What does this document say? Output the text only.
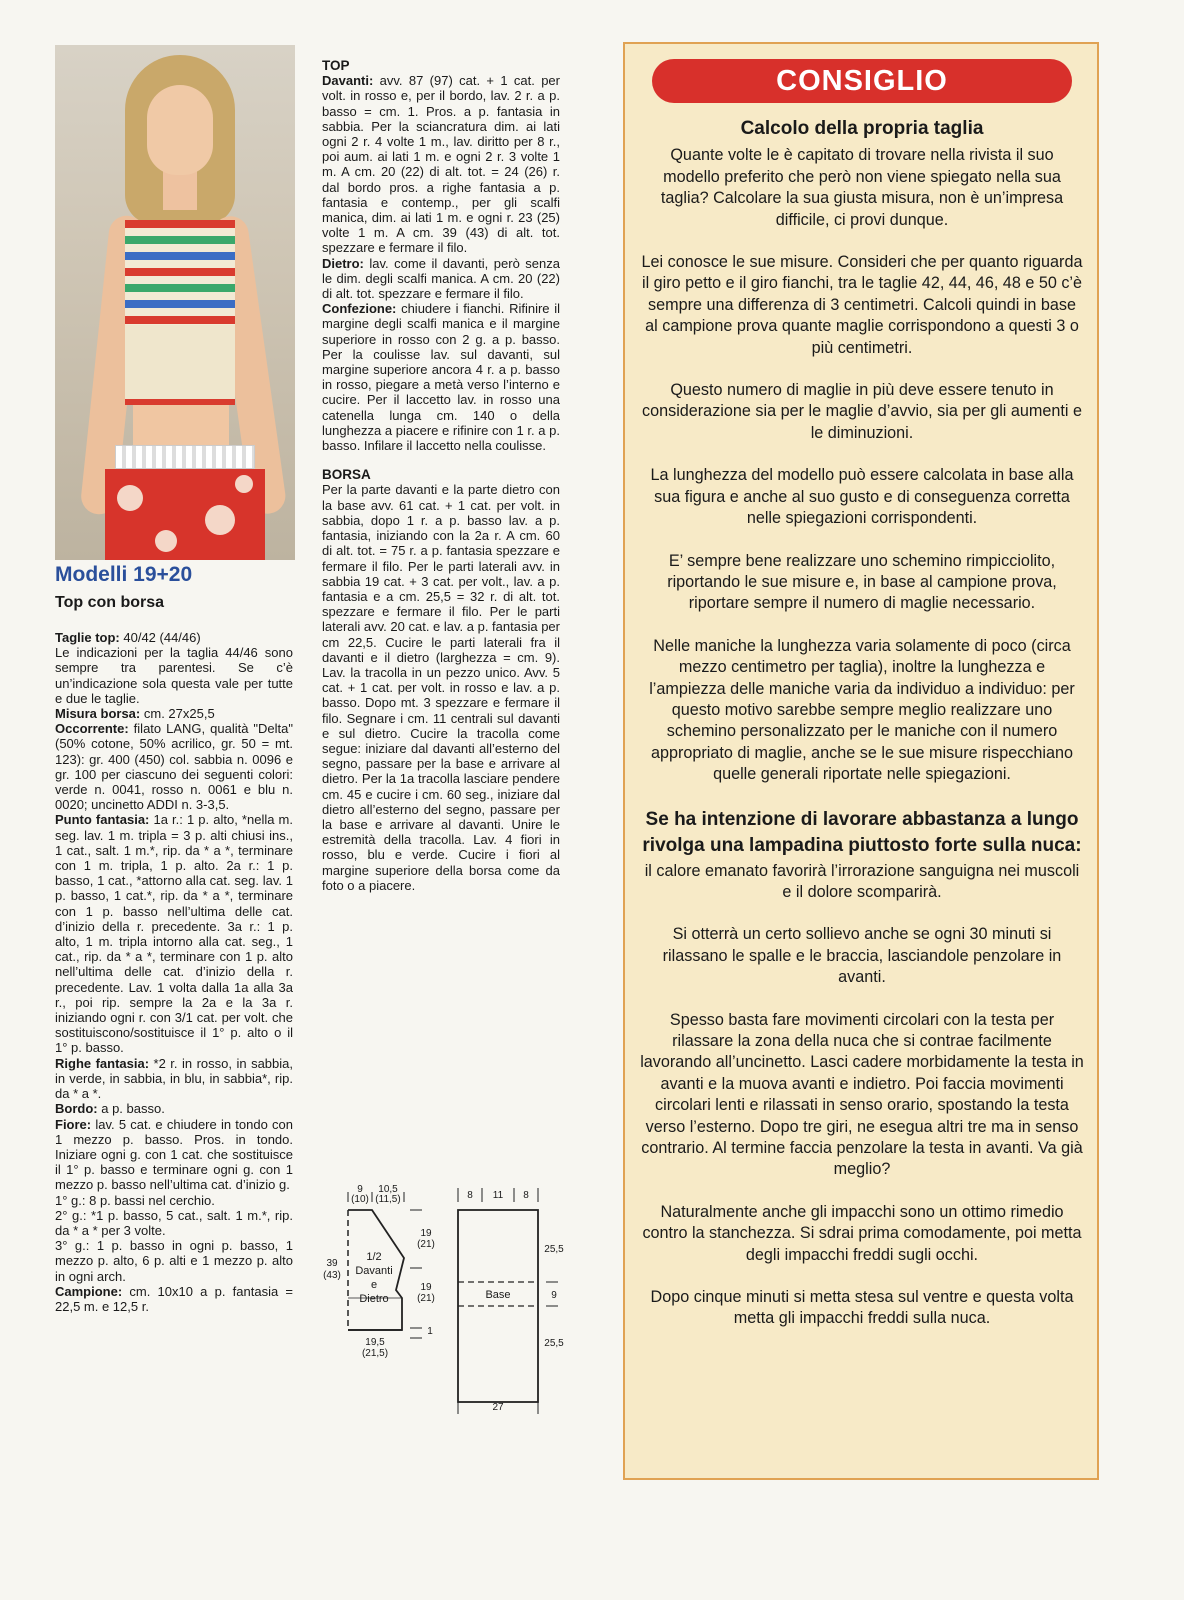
Modelli 19+20
Top con borsa

Taglie top: 40/42 (44/46)

Le indicazioni per la taglia 44/46 sono sempre tra parentesi. Se c’è un’indicazione sola questa vale per tutte e due le taglie.

Misura borsa: cm. 27x25,5

Occorrente: filato LANG, qualità "Delta" (50% cotone, 50% acrilico, gr. 50 = mt. 123): gr. 400 (450) col. sabbia n. 0096 e gr. 100 per ciascuno dei seguenti colori: verde n. 0041, rosso n. 0061 e blu n. 0020; uncinetto ADDI n. 3-3,5.

Punto fantasia: 1a r.: 1 p. alto, *nella m. seg. lav. 1 m. tripla = 3 p. alti chiusi ins., 1 cat., salt. 1 m.*, rip. da * a *, terminare con 1 m. tripla, 1 p. alto. 2a r.: 1 p. basso, 1 cat., *attorno alla cat. seg. lav. 1 p. basso, 1 cat.*, rip. da * a *, terminare con 1 p. basso nell’ultima delle cat. d’inizio della r. precedente. 3a r.: 1 p. alto, 1 m. tripla intorno alla cat. seg., 1 cat., rip. da * a *, terminare con 1 p. alto nell’ultima delle cat. d’inizio della r. precedente. Lav. 1 volta dalla 1a alla 3a r., poi rip. sempre la 2a e la 3a r. iniziando ogni r. con 3/1 cat. per volt. che sostituiscono/sostituisce il 1° p. alto o il 1° p. basso.

Righe fantasia: *2 r. in rosso, in sabbia, in verde, in sabbia, in blu, in sabbia*, rip. da * a *.

Bordo: a p. basso.

Fiore: lav. 5 cat. e chiudere in tondo con 1 mezzo p. basso. Pros. in tondo. Iniziare ogni g. con 1 cat. che sostituisce il 1° p. basso e terminare ogni g. con 1 mezzo p. basso nell’ultima cat. d’inizio g.

1° g.: 8 p. bassi nel cerchio.

2° g.: *1 p. basso, 5 cat., salt. 1 m.*, rip. da * a * per 3 volte.

3° g.: 1 p. basso in ogni p. basso, 1 mezzo p. alto, 6 p. alti e 1 mezzo p. alto in ogni arch.

Campione: cm. 10x10 a p. fantasia = 22,5 m. e 12,5 r.

TOP

Davanti: avv. 87 (97) cat. + 1 cat. per volt. in rosso e, per il bordo, lav. 2 r. a p. basso = cm. 1. Pros. a p. fantasia in sabbia. Per la sciancratura dim. ai lati ogni 2 r. 4 volte 1 m., lav. diritto per 8 r., poi aum. ai lati 1 m. e ogni 2 r. 3 volte 1 m. A cm. 20 (22) di alt. tot. = 24 (26) r. dal bordo pros. a righe fantasia a p. fantasia e contemp., per gli scalfi manica, dim. ai lati 1 m. e ogni r. 23 (25) volte 1 m. A cm. 39 (43) di alt. tot. spezzare e fermare il filo.

Dietro: lav. come il davanti, però senza le dim. degli scalfi manica. A cm. 20 (22) di alt. tot. spezzare e fermare il filo.

Confezione: chiudere i fianchi. Rifinire il margine degli scalfi manica e il margine superiore in rosso con 2 g. a p. basso. Per la coulisse lav. sul davanti, sul margine superiore ancora 4 r. a p. basso in rosso, piegare a metà verso l’interno e cucire. Per il laccetto lav. in rosso una catenella lunga cm. 140 o della lunghezza a piacere e rifinire con 1 r. a p. basso. Infilare il laccetto nella coulisse.

BORSA

Per la parte davanti e la parte dietro con la base avv. 61 cat. + 1 cat. per volt. in sabbia, dopo 1 r. a p. basso lav. a p. fantasia, iniziando con la 2a r. A cm. 60 di alt. tot. = 75 r. a p. fantasia spezzare e fermare il filo. Per le parti laterali avv. in sabbia 19 cat. + 3 cat. per volt., lav. a p. fantasia e a cm. 25,5 = 32 r. di alt. tot. spezzare e fermare il filo. Per le parti laterali avv. 20 cat. e lav. a p. fantasia per cm 22,5. Cucire le parti laterali fra il davanti e il dietro (larghezza = cm. 9). Lav. la tracolla in un pezzo unico. Avv. 5 cat. + 1 cat. per volt. in rosso e lav. a p. basso. Dopo mt. 3 spezzare e fermare il filo. Segnare i cm. 11 centrali sul davanti e sul dietro. Cucire la tracolla come segue: iniziare dal davanti all’esterno del segno, passare per la base e arrivare al dietro. Per la 1a tracolla lasciare pendere cm. 45 e cucire i cm. 60 seg., iniziare dal dietro all’esterno del segno, passare per la base e arrivare al davanti. Unire le estremità della tracolla. Lav. 4 fiori in rosso, blu e verde. Cucire i fiori al margine superiore della borsa come da foto o a piacere.

9
(10)
10,5
(11,5)
19
(21)
19
(21)
1
39
(43)
1/2
Davanti
e
Dietro
19,5
(21,5)
8 11 8
25,5
9
25,5
Base
27
CONSIGLIO
Calcolo della propria taglia

Quante volte le è capitato di trovare nella rivista il suo modello preferito che però non viene spiegato nella sua taglia? Calcolare la sua giusta misura, non è un’impresa difficile, ci provi dunque.

Lei conosce le sue misure. Consideri che per quanto riguarda il giro petto e il giro fianchi, tra le taglie 42, 44, 46, 48 e 50 c’è sempre una differenza di 3 centimetri. Calcoli quindi in base al campione prova quante maglie corrispondono a questi 3 o più centimetri.

Questo numero di maglie in più deve essere tenuto in considerazione sia per le maglie d’avvio, sia per gli aumenti e le diminuzioni.

La lunghezza del modello può essere calcolata in base alla sua figura e anche al suo gusto e di conseguenza corretta nelle spiegazioni corrispondenti.

E’ sempre bene realizzare uno schemino rimpicciolito, riportando le sue misure e, in base al campione prova, riportare sempre il numero di maglie necessario.

Nelle maniche la lunghezza varia solamente di poco (circa mezzo centimetro per taglia), inoltre la lunghezza e l’ampiezza delle maniche varia da individuo a individuo: per questo motivo sarebbe sempre meglio realizzare uno schemino personalizzato per le maniche con il numero appropriato di maglie, anche se le sue misure rispecchiano quelle generali riportate nelle spiegazioni.

Se ha intenzione di lavorare abbastanza a lungo rivolga una lampadina piuttosto forte sulla nuca:

il calore emanato favorirà l’irrorazione sanguigna nei muscoli e il dolore scomparirà.

Si otterrà un certo sollievo anche se ogni 30 minuti si rilassano le spalle e le braccia, lasciandole penzolare in avanti.

Spesso basta fare movimenti circolari con la testa per rilassare la zona della nuca che si contrae facilmente lavorando all’uncinetto. Lasci cadere morbidamente la testa in avanti e la muova avanti e indietro. Poi faccia movimenti circolari lenti e rilassati in senso orario, spostando la testa verso l’esterno. Dopo tre giri, ne esegua altri tre ma in senso contrario. Al termine faccia penzolare la testa in avanti. Va già meglio?

Naturalmente anche gli impacchi sono un ottimo rimedio contro la stanchezza. Si sdrai prima comodamente, poi metta degli impacchi freddi sugli occhi.

Dopo cinque minuti si metta stesa sul ventre e questa volta metta gli impacchi freddi sulla nuca.
